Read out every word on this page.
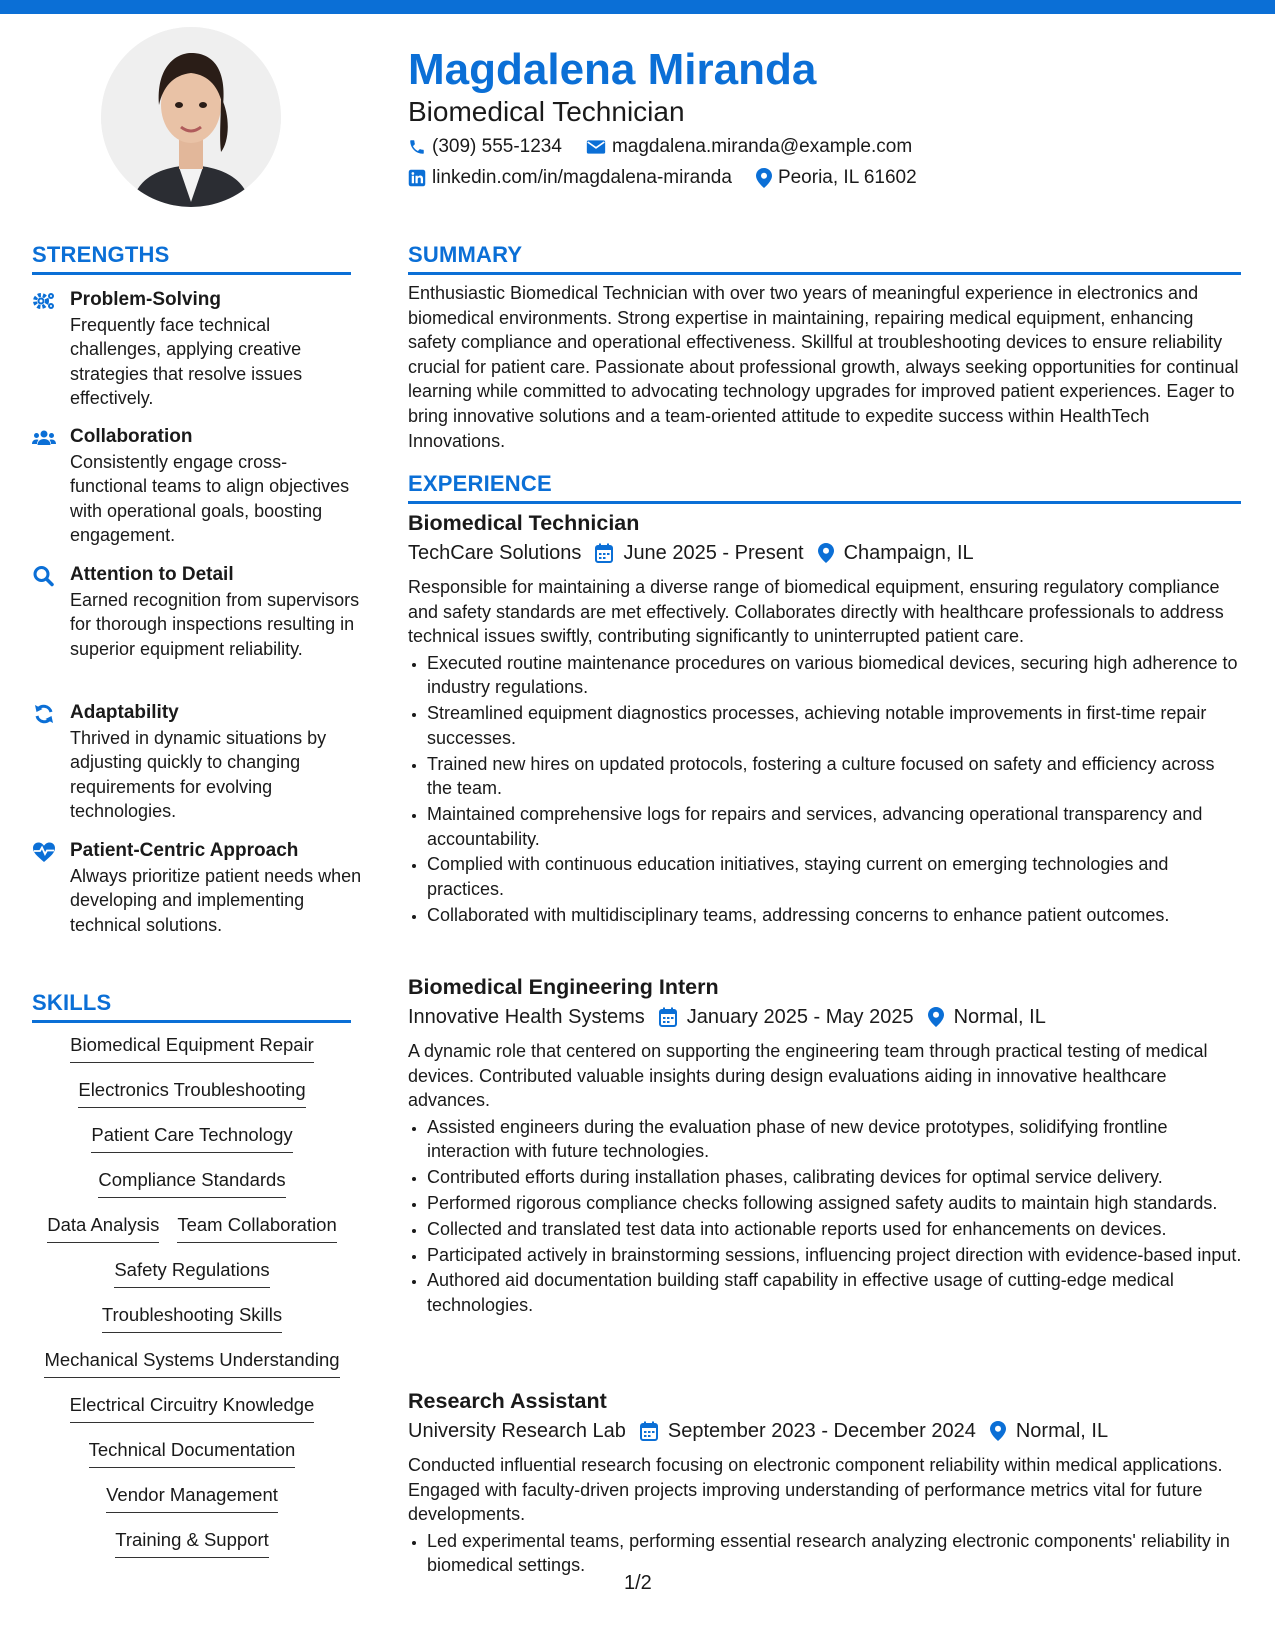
Magdalena Miranda
Biomedical Technician
(309) 555-1234	magdalena.miranda@example.com
linkedin.com/in/magdalena-miranda Peoria, IL 61602
STRENGTHS
Problem-Solving
Frequently face technical challenges, applying creative strategies that resolve issues effectively.
Collaboration
Consistently engage cross-functional teams to align objectives with operational goals, boosting engagement.
Attention to Detail
Earned recognition from supervisors for thorough inspections resulting in superior equipment reliability.
Adaptability
Thrived in dynamic situations by adjusting quickly to changing requirements for evolving technologies.
Patient-Centric Approach
Always prioritize patient needs when developing and implementing technical solutions.
SKILLS
Biomedical Equipment Repair
Electronics Troubleshooting
Patient Care Technology
Compliance Standards
Data Analysis Team Collaboration
Safety Regulations
Troubleshooting Skills
Mechanical Systems Understanding
Electrical Circuitry Knowledge
Technical Documentation
Vendor Management
Training & Support
SUMMARY

Enthusiastic Biomedical Technician with over two years of meaningful experience in electronics and biomedical environments. Strong expertise in maintaining, repairing medical equipment, enhancing safety compliance and operational effectiveness. Skillful at troubleshooting devices to ensure reliability crucial for patient care. Passionate about professional growth, always seeking opportunities for continual learning while committed to advocating technology upgrades for improved patient experiences. Eager to bring innovative solutions and a team-oriented attitude to expedite success within HealthTech Innovations.

EXPERIENCE
Biomedical Technician
TechCare Solutions June 2025 - Present Champaign, IL

Responsible for maintaining a diverse range of biomedical equipment, ensuring regulatory compliance and safety standards are met effectively. Collaborates directly with healthcare professionals to address technical issues swiftly, contributing significantly to uninterrupted patient care.

• Executed routine maintenance procedures on various biomedical devices, securing high adherence to industry regulations.
• Streamlined equipment diagnostics processes, achieving notable improvements in first-time repair successes.
• Trained new hires on updated protocols, fostering a culture focused on safety and efficiency across the team.
• Maintained comprehensive logs for repairs and services, advancing operational transparency and accountability.
• Complied with continuous education initiatives, staying current on emerging technologies and practices.
• Collaborated with multidisciplinary teams, addressing concerns to enhance patient outcomes.
Biomedical Engineering Intern
Innovative Health Systems January 2025 - May 2025 Normal, IL

A dynamic role that centered on supporting the engineering team through practical testing of medical devices. Contributed valuable insights during design evaluations aiding in innovative healthcare advances.

• Assisted engineers during the evaluation phase of new device prototypes, solidifying frontline interaction with future technologies.
• Contributed efforts during installation phases, calibrating devices for optimal service delivery.
• Performed rigorous compliance checks following assigned safety audits to maintain high standards.
• Collected and translated test data into actionable reports used for enhancements on devices.
• Participated actively in brainstorming sessions, influencing project direction with evidence-based input.
• Authored aid documentation building staff capability in effective usage of cutting-edge medical technologies.
Research Assistant
University Research Lab September 2023 - December 2024 Normal, IL

Conducted influential research focusing on electronic component reliability within medical applications. Engaged with faculty-driven projects improving understanding of performance metrics vital for future developments.

• Led experimental teams, performing essential research analyzing electronic components' reliability in biomedical settings.
1/2
